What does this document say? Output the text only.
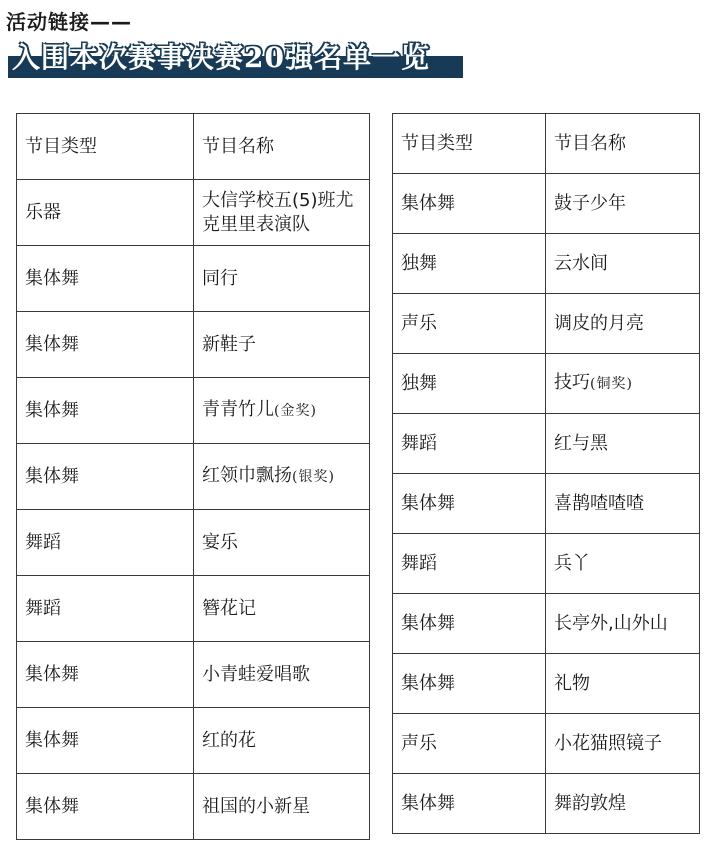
活动链接——
入围本次赛事决赛20强名单一览
节目类型	节目名称
乐器	大信学校五(5)班尤克里里表演队
集体舞	同行
集体舞	新鞋子
集体舞	青青竹儿(金奖)
集体舞	红领巾飘扬(银奖)
舞蹈	宴乐
舞蹈	簪花记
集体舞	小青蛙爱唱歌
集体舞	红的花
集体舞	祖国的小新星
节目类型	节目名称
集体舞	鼓子少年
独舞	云水间
声乐	调皮的月亮
独舞	技巧(铜奖)
舞蹈	红与黑
集体舞	喜鹊喳喳喳
舞蹈	兵丫
集体舞	长亭外,山外山
集体舞	礼物
声乐	小花猫照镜子
集体舞	舞韵敦煌
